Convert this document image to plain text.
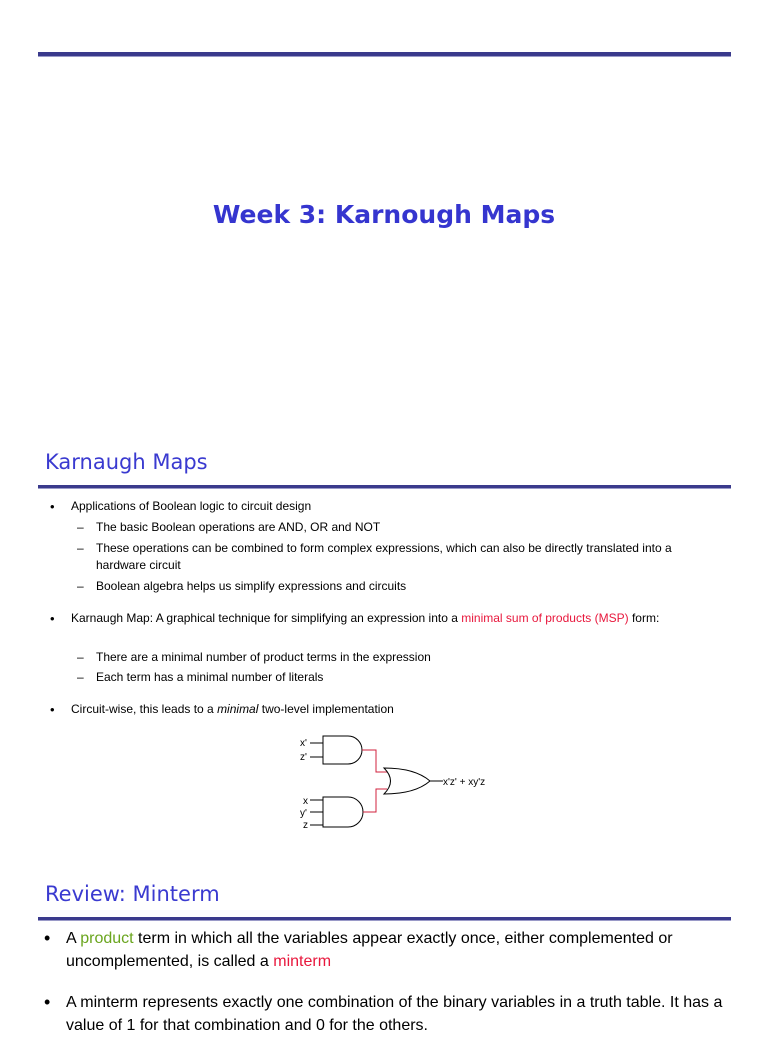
Week 3: Karnough Maps
Karnaugh Maps
• Applications of Boolean logic to circuit design
– The basic Boolean operations are AND, OR and NOT
– These operations can be combined to form complex expressions, which can also be directly translated into a hardware circuit
– Boolean algebra helps us simplify expressions and circuits
• Karnaugh Map: A graphical technique for simplifying an expression into a minimal sum of products (MSP) form:
– There are a minimal number of product terms in the expression
– Each term has a minimal number of literals
• Circuit-wise, this leads to a minimal two-level implementation
x'
z'
x
y'
z
x'z' + xy'z
Review: Minterm
• A product term in which all the variables appear exactly once, either complemented or uncomplemented, is called a minterm
• A minterm represents exactly one combination of the binary variables in a truth table. It has a value of 1 for that combination and 0 for the others.
